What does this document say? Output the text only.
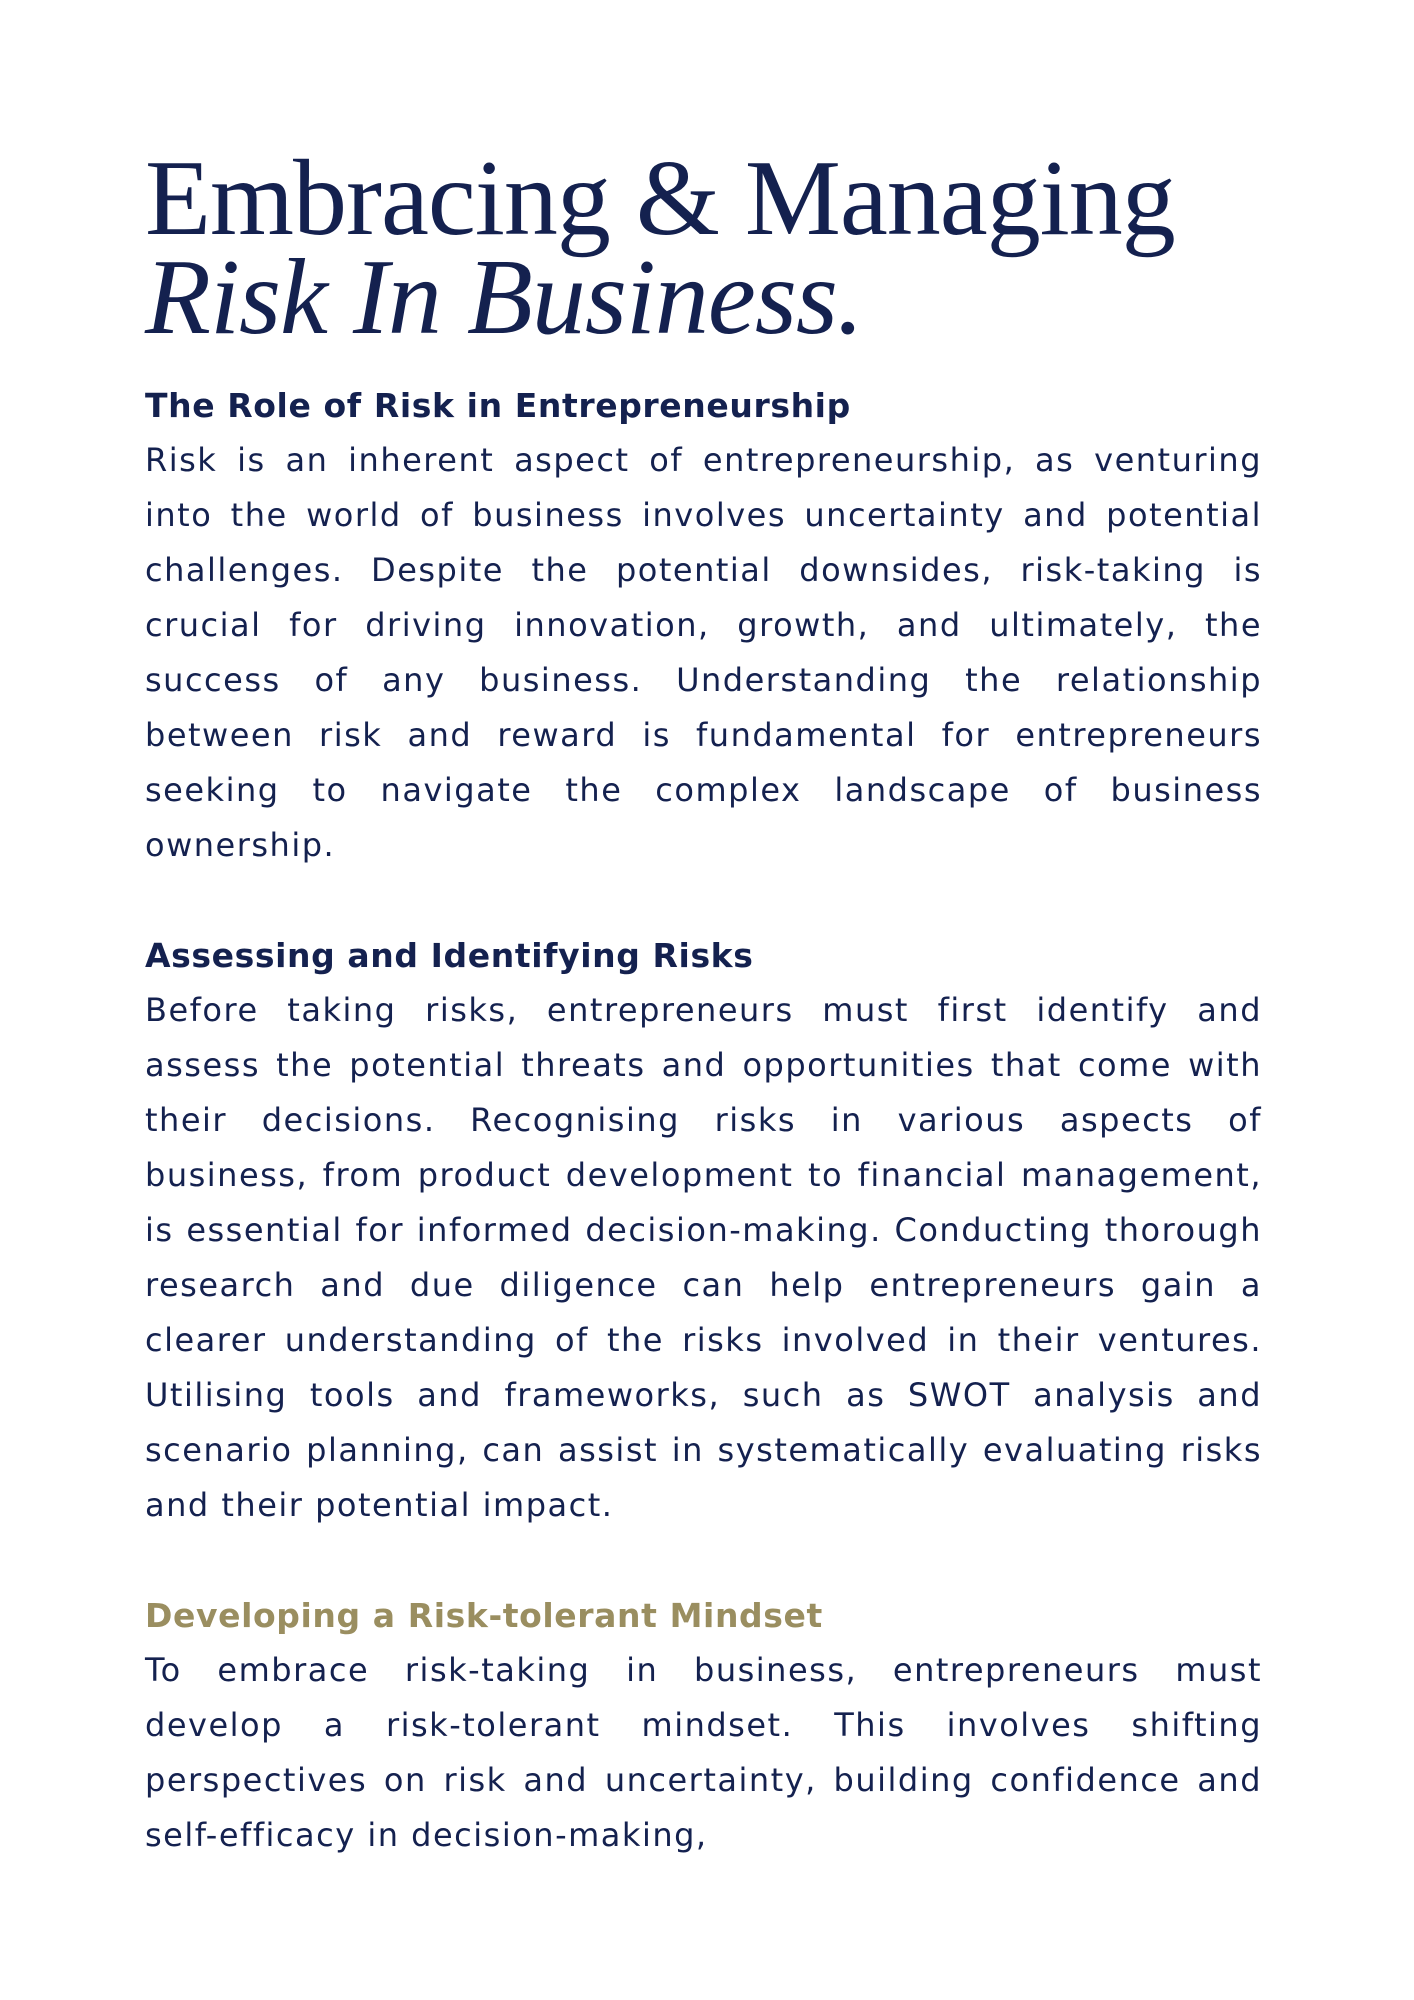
Embracing & Managing
Risk In Business.
The Role of Risk in Entrepreneurship

Risk is an inherent aspect of entrepreneurship, as venturing into the world of business involves uncertainty and potential challenges. Despite the potential downsides, risk-taking is crucial for driving innovation, growth, and ultimately, the success of any business. Understanding the relationship between risk and reward is fundamental for entrepreneurs seeking to navigate the complex landscape of business ownership.

Assessing and Identifying Risks

Before taking risks, entrepreneurs must first identify and assess the potential threats and opportunities that come with their decisions. Recognising risks in various aspects of business, from product development to financial management, is essential for informed decision-making. Conducting thorough research and due diligence can help entrepreneurs gain a clearer understanding of the risks involved in their ventures. Utilising tools and frameworks, such as SWOT analysis and scenario planning, can assist in systematically evaluating risks and their potential impact.

Developing a Risk-tolerant Mindset

To embrace risk-taking in business, entrepreneurs must develop a risk-tolerant mindset. This involves shifting perspectives on risk and uncertainty, building confidence and self-efficacy in decision-making,
